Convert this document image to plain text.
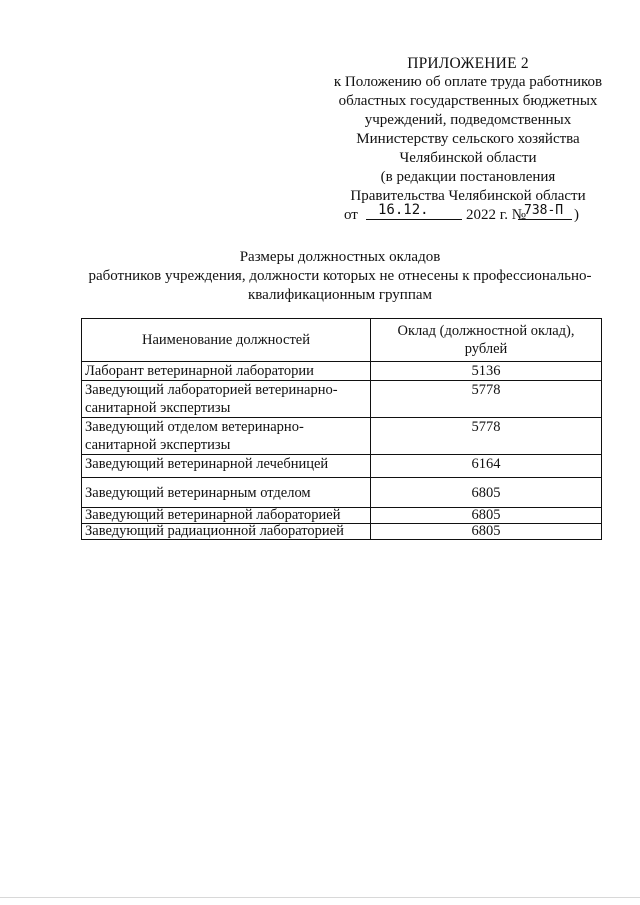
ПРИЛОЖЕНИЕ 2
к Положению об оплате труда работников
областных государственных бюджетных
учреждений, подведомственных
Министерству сельского хозяйства
Челябинской области
(в редакции постановления
Правительства Челябинской области
от 16.12. 2022 г. №
738-П )
Размеры должностных окладов
работников учреждения, должности которых не отнесены к профессионально-
квалификационным группам
Наименование должностей	Оклад (должностной оклад),
рублей
Лаборант ветеринарной лаборатории	5136
Заведующий лабораторией ветеринарно-
санитарной экспертизы	5778
Заведующий отделом ветеринарно-
санитарной экспертизы	5778
Заведующий ветеринарной лечебницей	6164
Заведующий ветеринарным отделом	6805
Заведующий ветеринарной лабораторией	6805
Заведующий радиационной лабораторией	6805
